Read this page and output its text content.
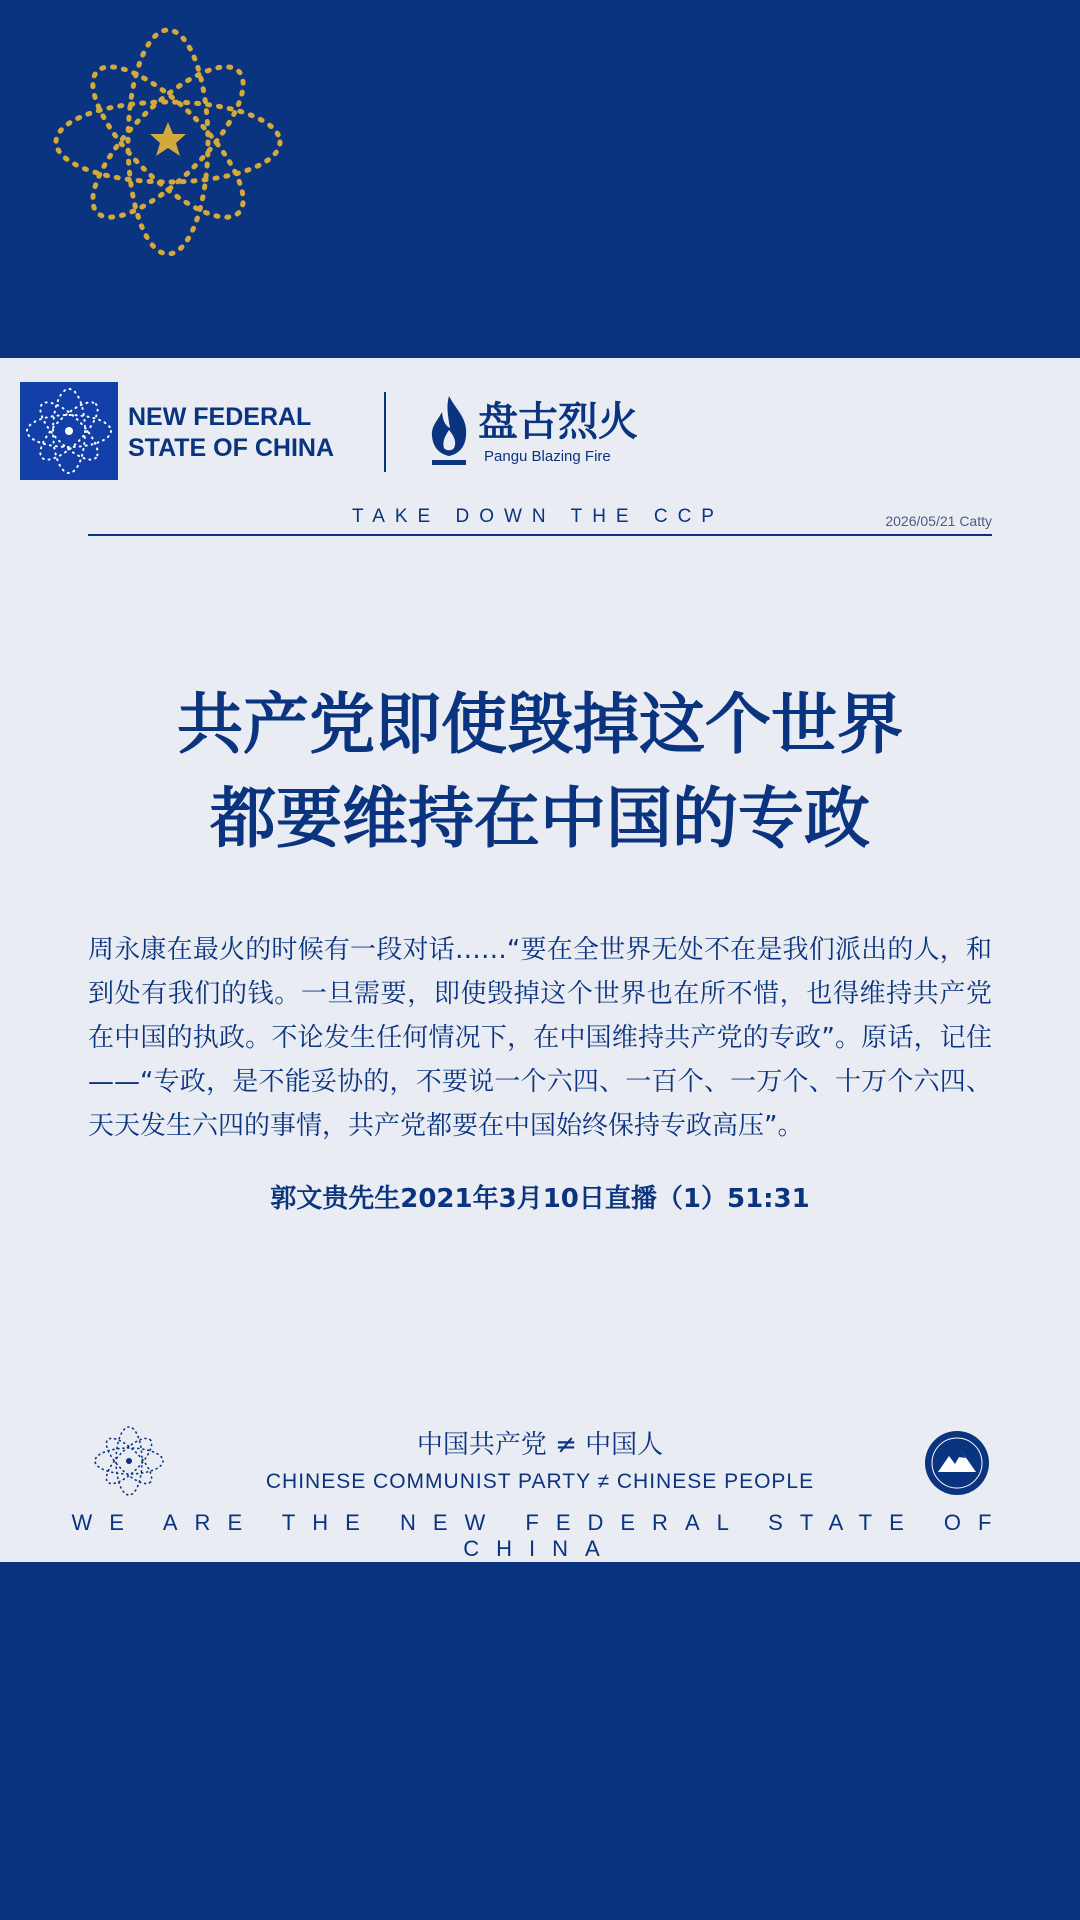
NEW FEDERAL
STATE OF CHINA
盘古烈火
Pangu Blazing Fire
TAKE DOWN THE CCP	2026/05/21 Catty
共产党即使毁掉这个世界
都要维持在中国的专政
周永康在最火的时候有一段对话……“要在全世界无处不在是我们派出的人，和到处有我们的钱。一旦需要，即使毁掉这个世界也在所不惜，也得维持共产党在中国的执政。不论发生任何情况下，在中国维持共产党的专政”。原话，记住——“专政，是不能妥协的，不要说一个六四、一百个、一万个、十万个六四、天天发生六四的事情，共产党都要在中国始终保持专政高压”。
郭文贵先生2021年3月10日直播（1）51:31
中国共产党 ≠ 中国人
CHINESE COMMUNIST PARTY ≠ CHINESE PEOPLE
WE ARE THE NEW FEDERAL STATE OF CHINA
